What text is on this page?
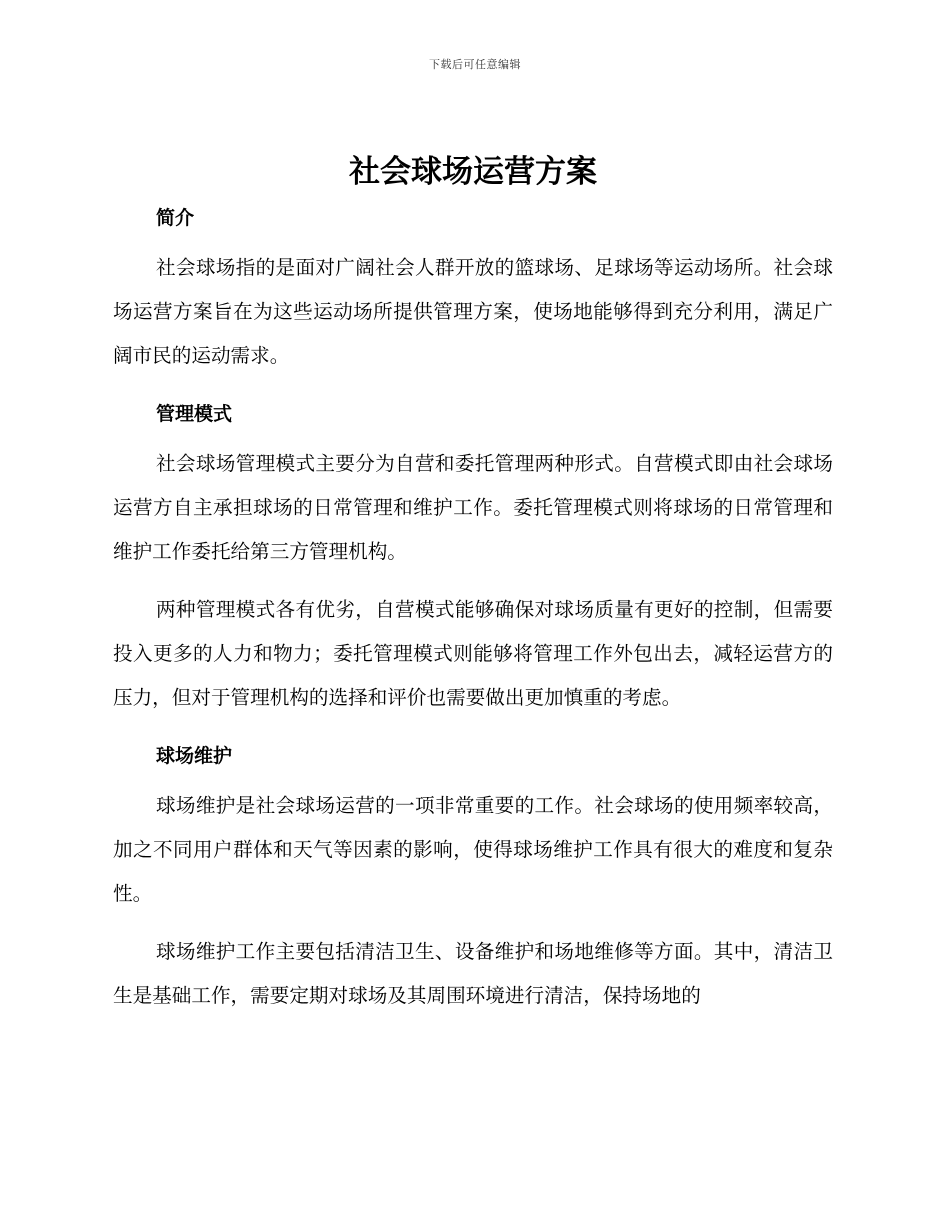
下载后可任意编辑
社会球场运营方案
简介

社会球场指的是面对广阔社会人群开放的篮球场、足球场等运动场所。社会球场运营方案旨在为这些运动场所提供管理方案，使场地能够得到充分利用，满足广阔市民的运动需求。

管理模式

社会球场管理模式主要分为自营和委托管理两种形式。自营模式即由社会球场运营方自主承担球场的日常管理和维护工作。委托管理模式则将球场的日常管理和维护工作委托给第三方管理机构。

两种管理模式各有优劣，自营模式能够确保对球场质量有更好的控制，但需要投入更多的人力和物力；委托管理模式则能够将管理工作外包出去，减轻运营方的压力，但对于管理机构的选择和评价也需要做出更加慎重的考虑。

球场维护

球场维护是社会球场运营的一项非常重要的工作。社会球场的使用频率较高，加之不同用户群体和天气等因素的影响，使得球场维护工作具有很大的难度和复杂性。

球场维护工作主要包括清洁卫生、设备维护和场地维修等方面。其中，清洁卫生是基础工作，需要定期对球场及其周围环境进行清洁，保持场地的
